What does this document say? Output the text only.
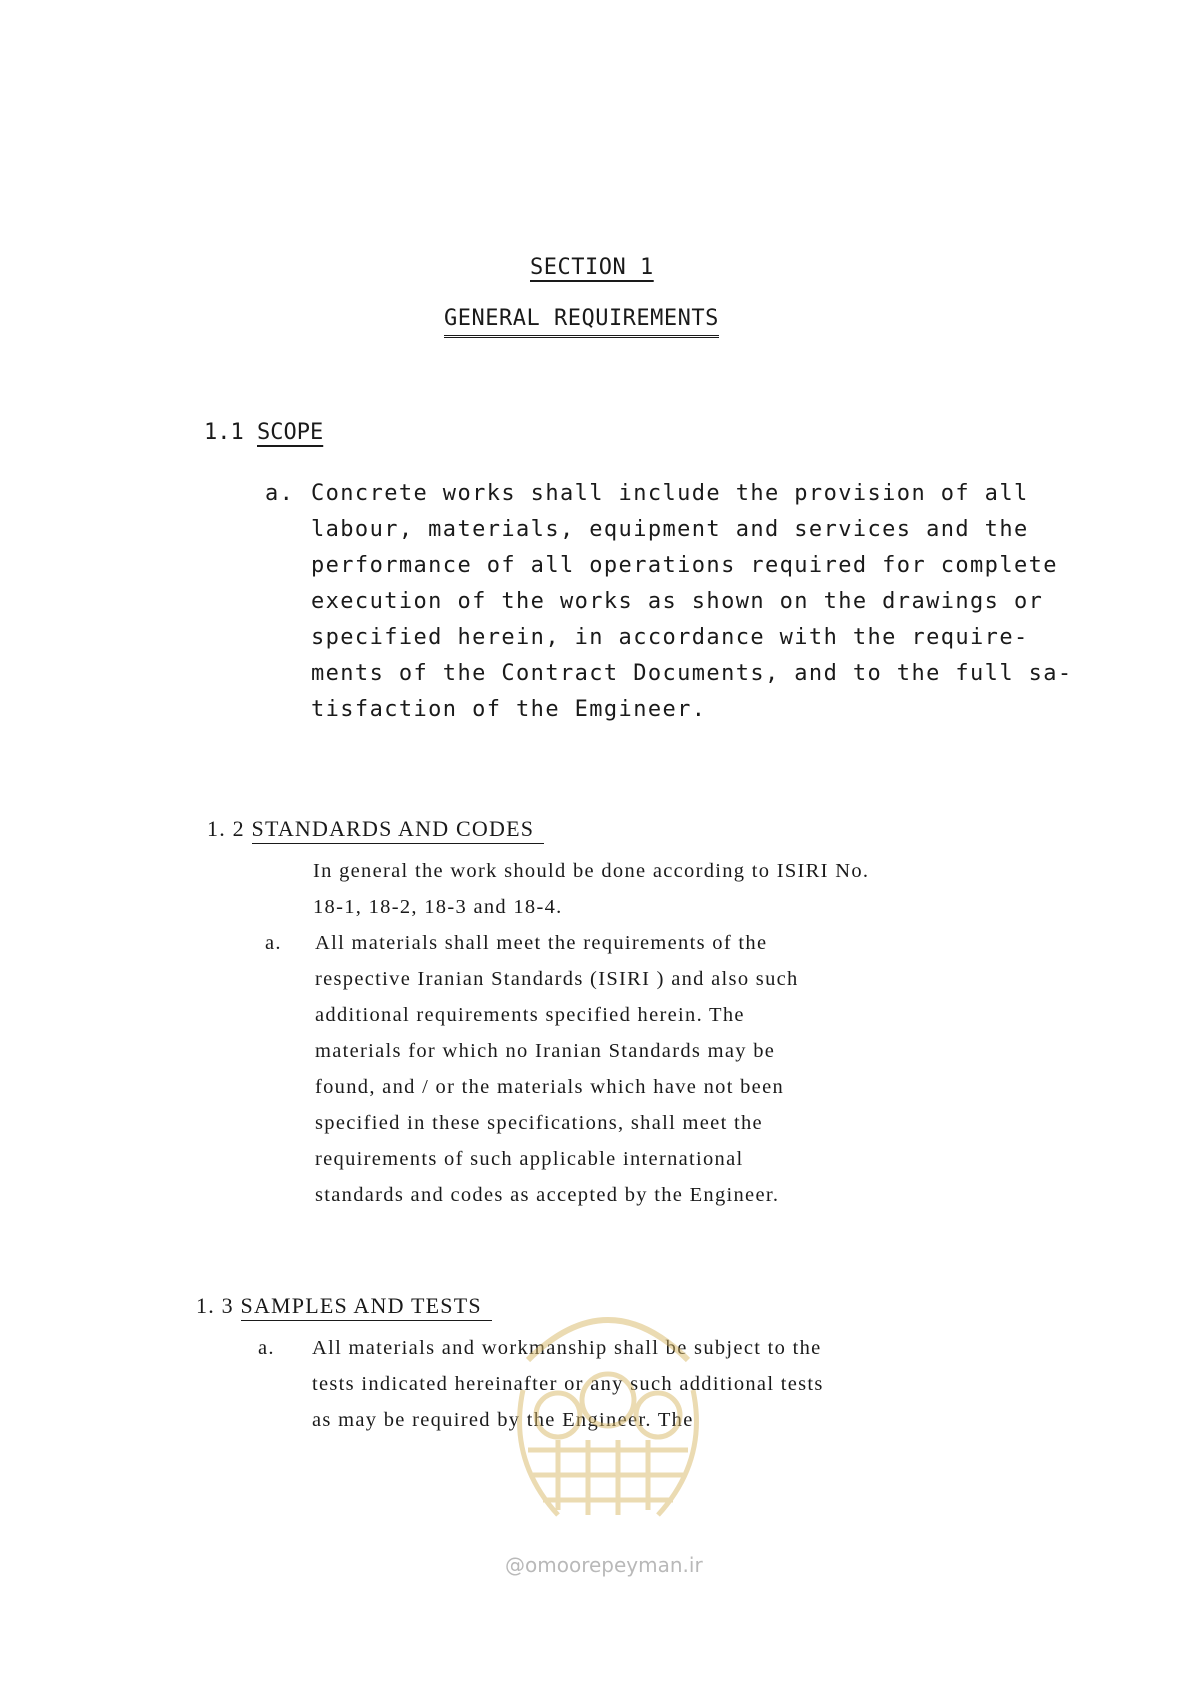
SECTION 1
GENERAL REQUIREMENTS
1.1 SCOPE
a. Concrete works shall include the provision of all
labour, materials, equipment and services and the
performance of all operations required for complete
execution of the works as shown on the drawings or
specified herein, in accordance with the require-
ments of the Contract Documents, and to the full sa-
tisfaction of the Emgineer.
1. 2 STANDARDS AND CODES
In general the work should be done according to ISIRI No.
18-1, 18-2, 18-3 and 18-4.
a. All materials shall meet the requirements of the
respective Iranian Standards (ISIRI ) and also such
additional requirements specified herein. The
materials for which no Iranian Standards may be
found, and / or the materials which have not been
specified in these specifications, shall meet the
requirements of such applicable international
standards and codes as accepted by the Engineer.
1. 3 SAMPLES AND TESTS
a. All materials and workmanship shall be subject to the
tests indicated hereinafter or any such additional tests
as may be required by the Engineer. The
@omoorepeyman.ir
